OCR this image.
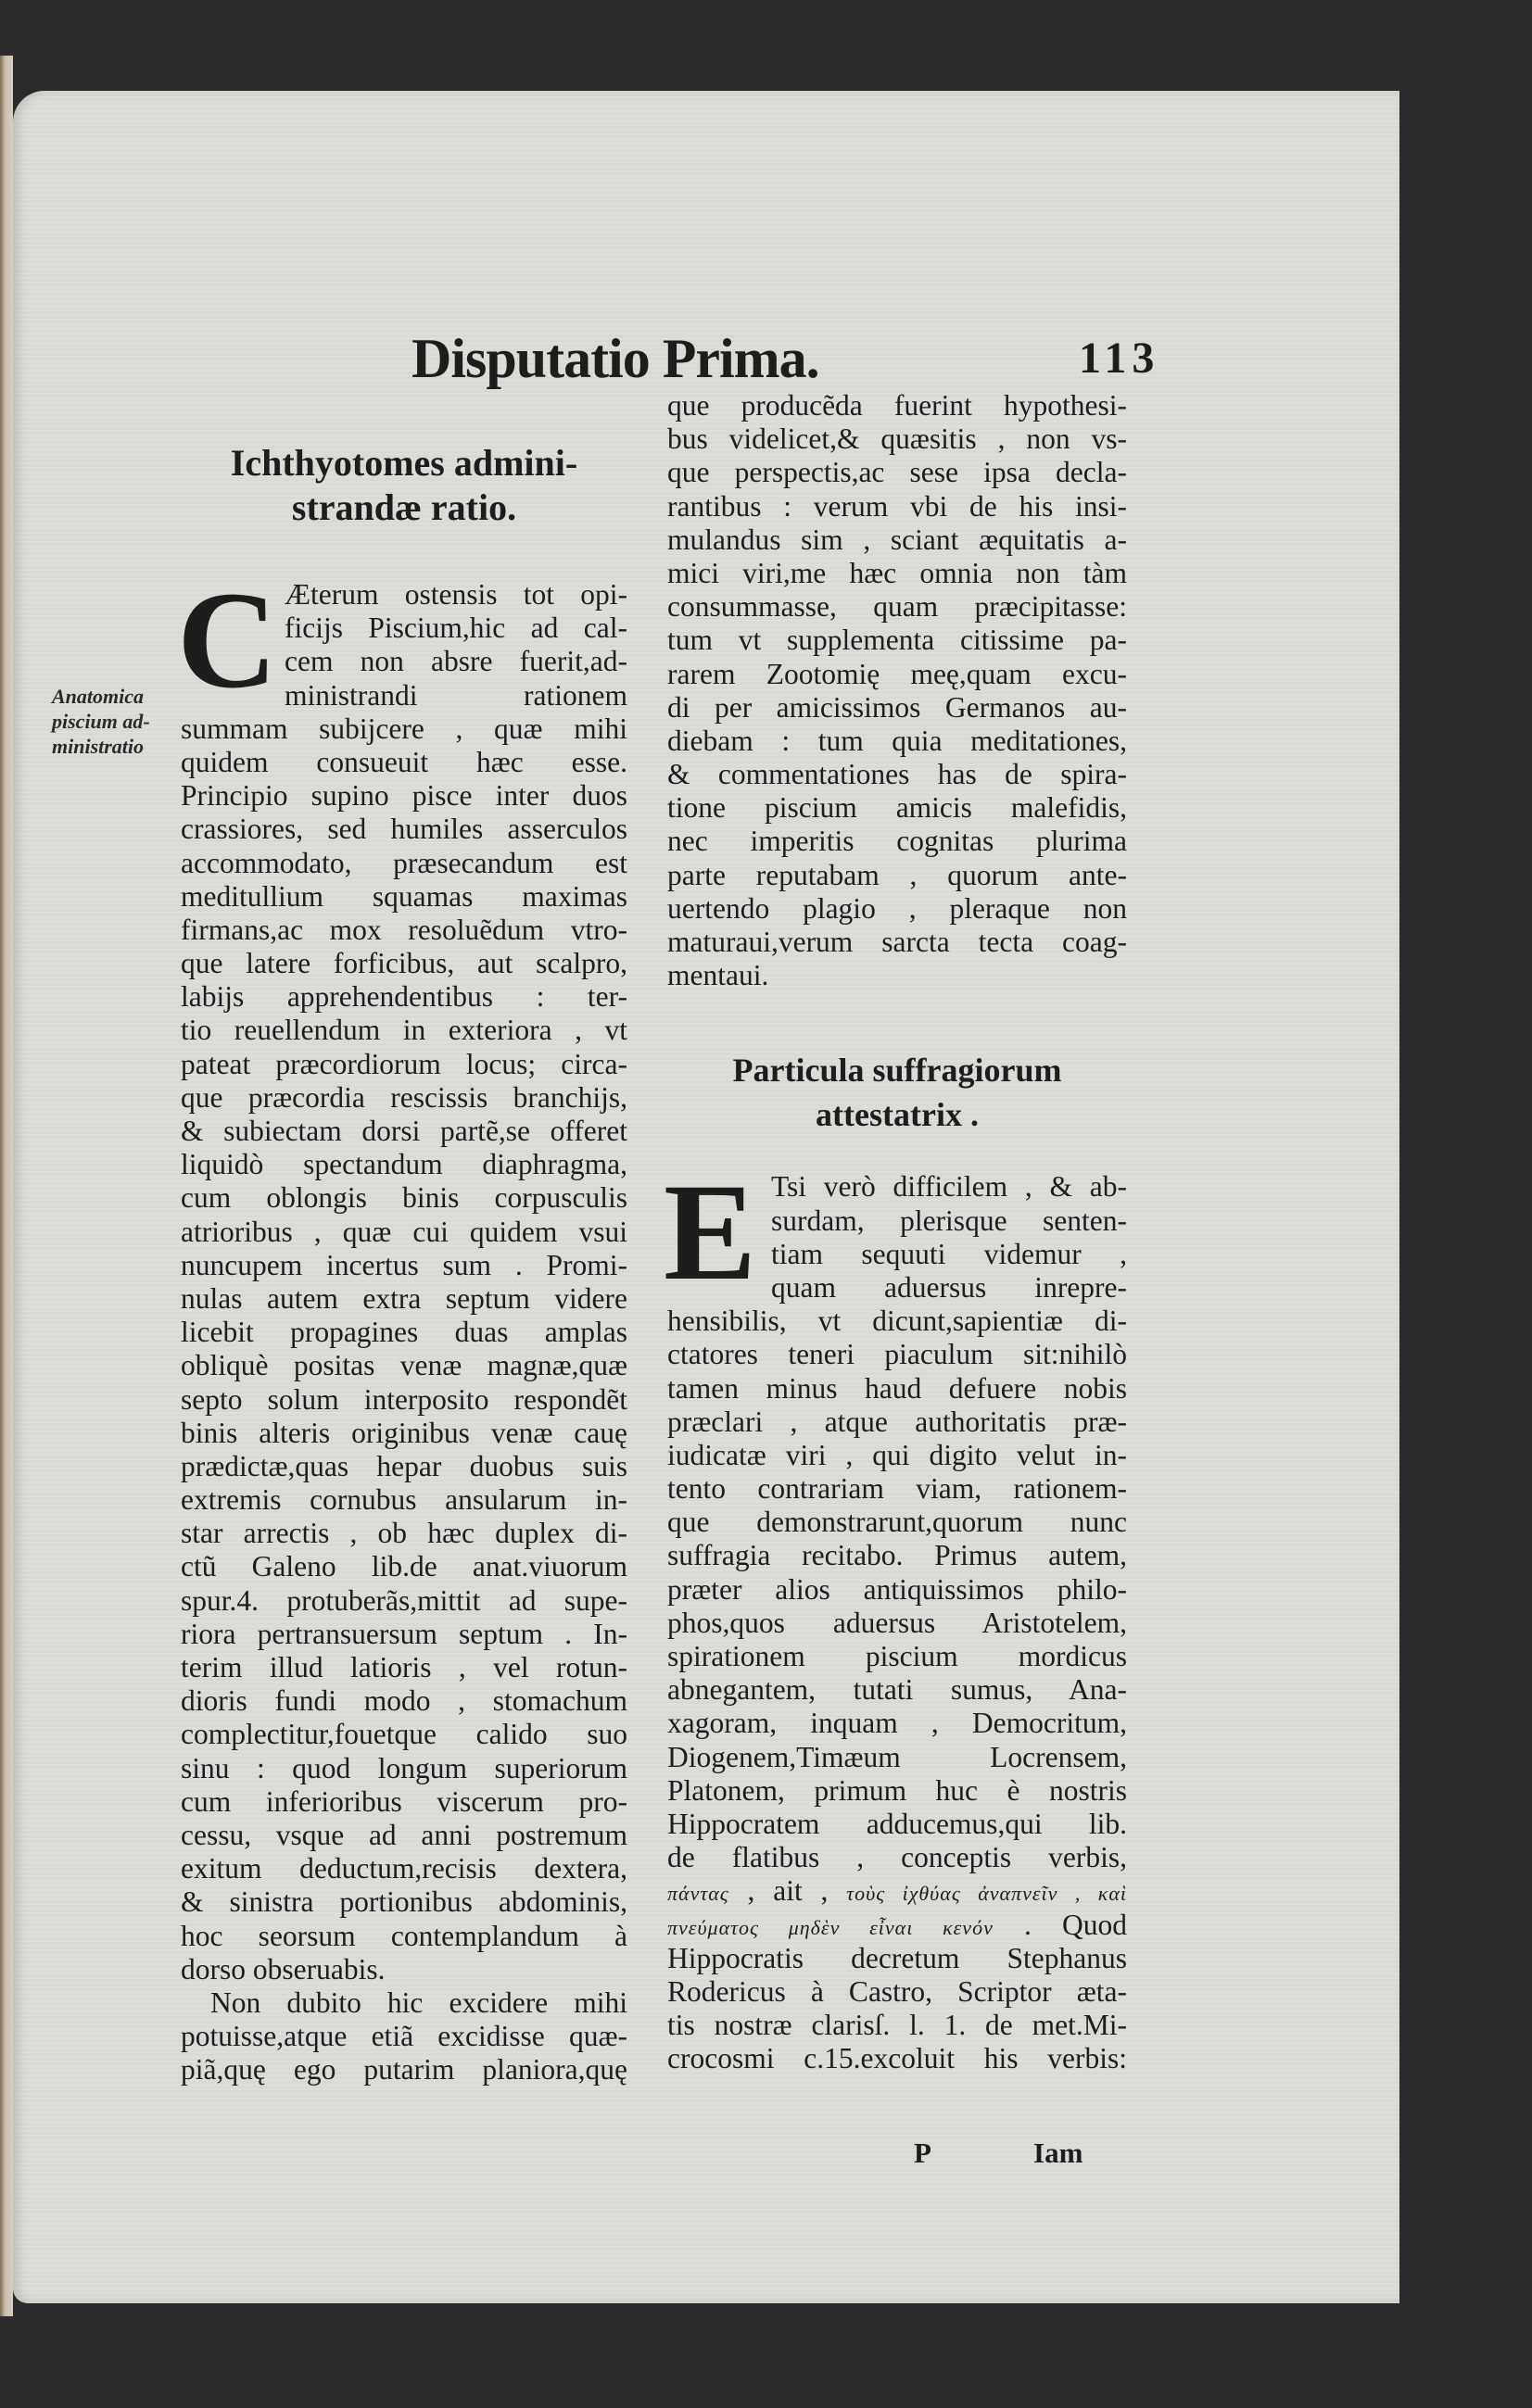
Disputatio Prima.	113
Anatomica
piscium ad-
ministratio
Ichthyotomes admini-
strandæ ratio.
C Æterum ostensis tot opi-
ficijs Piscium,hic ad cal-
cem non absre fuerit,ad-
ministrandi rationem
summam subijcere , quæ mihi
quidem consueuit hæc esse.
Principio supino pisce inter duos
crassiores, sed humiles asserculos
accommodato, præsecandum est
meditullium squamas maximas
firmans,ac mox resoluẽdum vtro-
que latere forficibus, aut scalpro,
labijs apprehendentibus : ter-
tio reuellendum in exteriora , vt
pateat præcordiorum locus; circa-
que præcordia rescissis branchijs,
& subiectam dorsi partẽ,se offeret
liquidò spectandum diaphragma,
cum oblongis binis corpusculis
atrioribus , quæ cui quidem vsui
nuncupem incertus sum . Promi-
nulas autem extra septum videre
licebit propagines duas amplas
obliquè positas venæ magnæ,quæ
septo solum interposito respondẽt
binis alteris originibus venæ cauę
prædictæ,quas hepar duobus suis
extremis cornubus ansularum in-
star arrectis , ob hæc duplex di-
ctũ Galeno lib.de anat.viuorum
spur.4. protuberãs,mittit ad supe-
riora pertransuersum septum . In-
terim illud latioris , vel rotun-
dioris fundi modo , stomachum
complectitur,fouetque calido suo
sinu : quod longum superiorum
cum inferioribus viscerum pro-
cessu, vsque ad anni postremum
exitum deductum,recisis dextera,
& sinistra portionibus abdominis,
hoc seorsum contemplandum à
dorso obseruabis.
Non dubito hic excidere mihi
potuisse,atque etiã excidisse quæ-
piã,quę ego putarim planiora,quę
que producẽda fuerint hypothesi-
bus videlicet,& quæsitis , non vs-
que perspectis,ac sese ipsa decla-
rantibus : verum vbi de his insi-
mulandus sim , sciant æquitatis a-
mici viri,me hæc omnia non tàm
consummasse, quam præcipitasse:
tum vt supplementa citissime pa-
rarem Zootomię meę,quam excu-
di per amicissimos Germanos au-
diebam : tum quia meditationes,
& commentationes has de spira-
tione piscium amicis malefidis,
nec imperitis cognitas plurima
parte reputabam , quorum ante-
uertendo plagio , pleraque non
maturaui,verum sarcta tecta coag-
mentaui.
Particula suffragiorum
attestatrix .
E Tsi verò difficilem , & ab-
surdam, plerisque senten-
tiam sequuti videmur ,
quam aduersus inrepre-
hensibilis, vt dicunt,sapientiæ di-
ctatores teneri piaculum sit:nihilò
tamen minus haud defuere nobis
præclari , atque authoritatis præ-
iudicatæ viri , qui digito velut in-
tento contrariam viam, rationem-
que demonstrarunt,quorum nunc
suffragia recitabo. Primus autem,
præter alios antiquissimos philo-
phos,quos aduersus Aristotelem,
spirationem piscium mordicus
abnegantem, tutati sumus, Ana-
xagoram, inquam , Democritum,
Diogenem,Timæum Locrensem,
Platonem, primum huc è nostris
Hippocratem adducemus,qui lib.
de flatibus , conceptis verbis,
πάντας , ait , τοὺς ἰχθύας ἀναπνεῖν , καὶ
πνεύματος μηδὲν εἶναι κενόν . Quod
Hippocratis decretum Stephanus
Rodericus à Castro, Scriptor æta-
tis nostræ clarisſ. l. 1. de met.Mi-
crocosmi c.15.excoluit his verbis:
P	Iam
